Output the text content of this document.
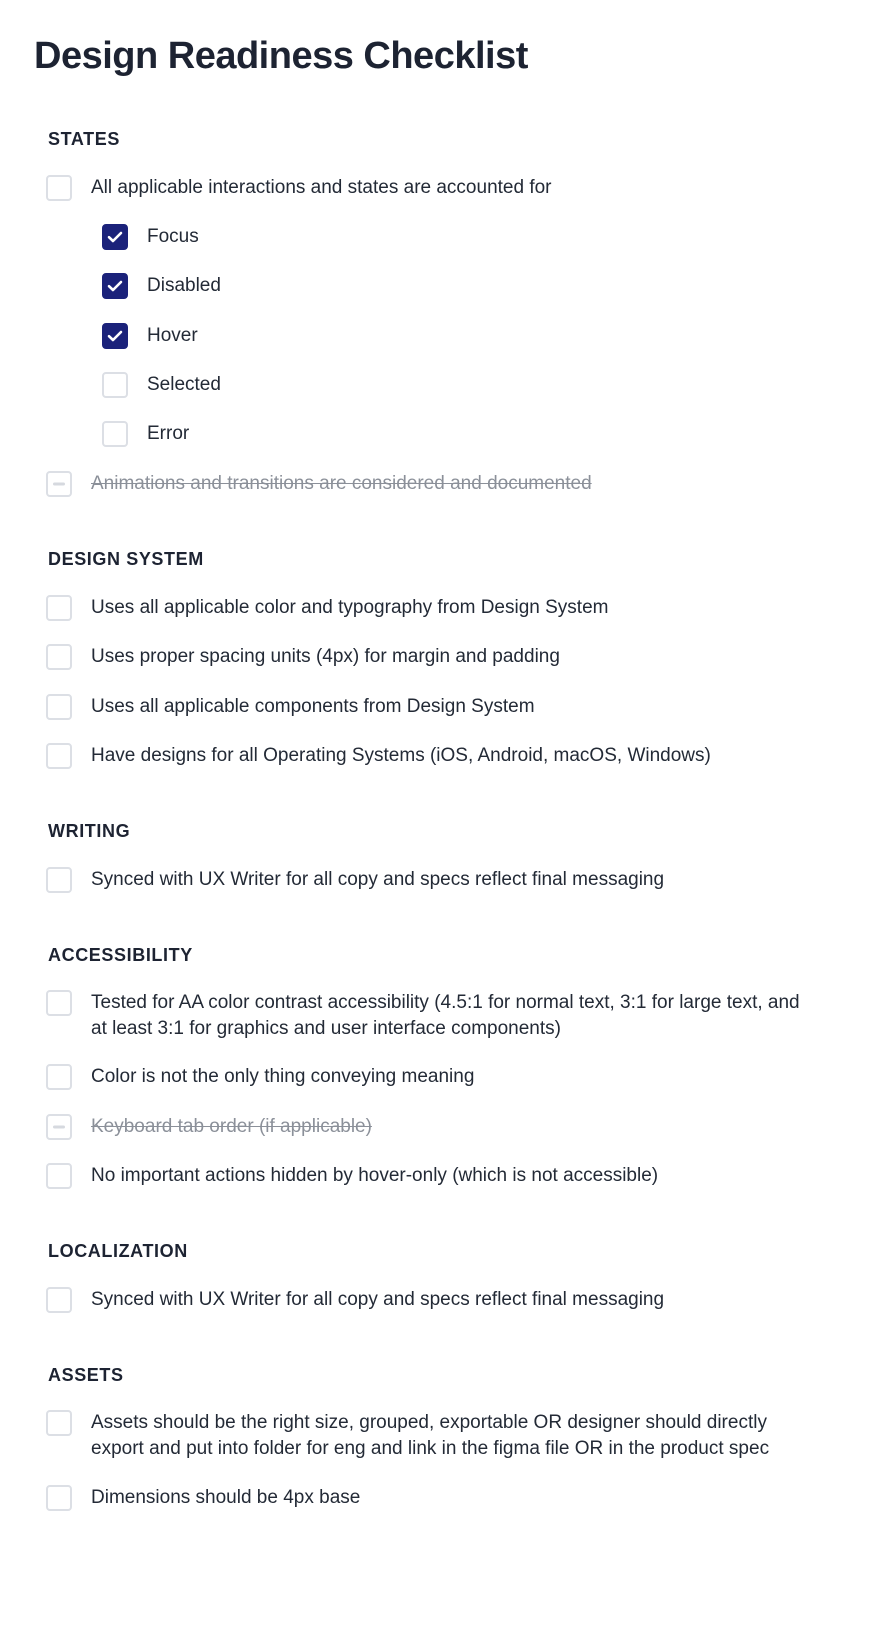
Design Readiness Checklist
STATES
All applicable interactions and states are accounted for
Focus
Disabled
Hover
Selected
Error
Animations and transitions are considered and documented
DESIGN SYSTEM
Uses all applicable color and typography from Design System
Uses proper spacing units (4px) for margin and padding
Uses all applicable components from Design System
Have designs for all Operating Systems (iOS, Android, macOS, Windows)
WRITING
Synced with UX Writer for all copy and specs reflect final messaging
ACCESSIBILITY
Tested for AA color contrast accessibility (4.5:1 for normal text, 3:1 for large text, and at least 3:1 for graphics and user interface components)
Color is not the only thing conveying meaning
Keyboard tab order (if applicable)
No important actions hidden by hover-only (which is not accessible)
LOCALIZATION
Synced with UX Writer for all copy and specs reflect final messaging
ASSETS
Assets should be the right size, grouped, exportable OR designer should directly export and put into folder for eng and link in the figma file OR in the product spec
Dimensions should be 4px base
